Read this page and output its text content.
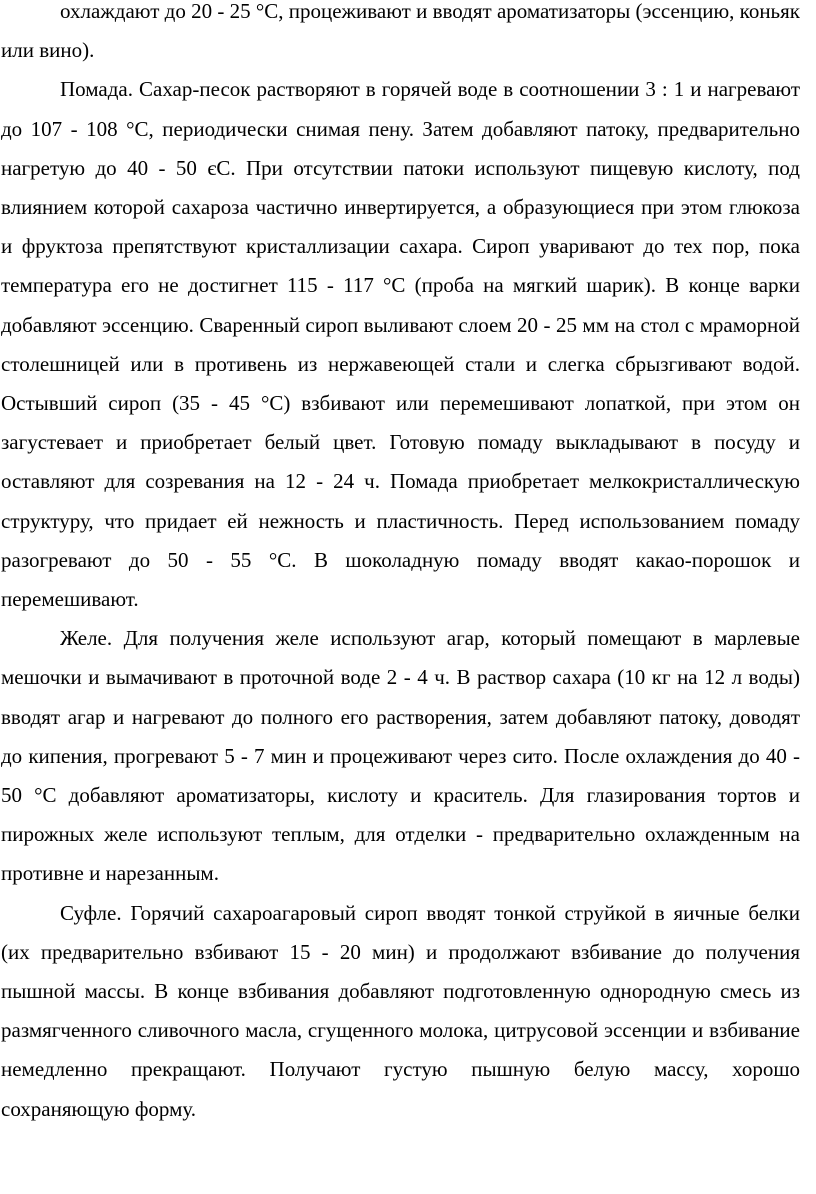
охлаждают до 20 - 25 °С, процеживают и вводят ароматизаторы (эссенцию, коньяк или вино).

Помада. Сахар-песок растворяют в горячей воде в соотношении 3 : 1 и нагревают до 107 - 108 °С, периодически снимая пену. Затем добавляют патоку, предварительно нагретую до 40 - 50 єС. При отсутствии патоки используют пищевую кислоту, под влиянием которой сахароза частично инвертируется, а образующиеся при этом глюкоза и фруктоза препятствуют кристаллизации сахара. Сироп уваривают до тех пор, пока температура его не достигнет 115 - 117 °С (проба на мягкий шарик). В конце варки добавляют эссенцию. Сваренный сироп выливают слоем 20 - 25 мм на стол с мраморной столешницей или в противень из нержавеющей стали и слегка сбрызгивают водой. Остывший сироп (35 - 45 °С) взбивают или перемешивают лопаткой, при этом он загустевает и приобретает белый цвет. Готовую помаду выкладывают в посуду и оставляют для созревания на 12 - 24 ч. Помада приобретает мелкокристаллическую структуру, что придает ей нежность и пластичность. Перед использованием помаду разогревают до 50 - 55 °С. В шоколадную помаду вводят какао-порошок и перемешивают.

Желе. Для получения желе используют агар, который помещают в марлевые мешочки и вымачивают в проточной воде 2 - 4 ч. В раствор сахара (10 кг на 12 л воды) вводят агар и нагревают до полного его растворения, затем добавляют патоку, доводят до кипения, прогревают 5 - 7 мин и процеживают через сито. После охлаждения до 40 - 50 °С добавляют ароматизаторы, кислоту и краситель. Для глазирования тортов и пирожных желе используют теплым, для отделки - предварительно охлажденным на противне и нарезанным.

Суфле. Горячий сахароагаровый сироп вводят тонкой струйкой в яичные белки (их предварительно взбивают 15 - 20 мин) и продолжают взбивание до получения пышной массы. В конце взбивания добавляют подготовленную однородную смесь из размягченного сливочного масла, сгущенного молока, цитрусовой эссенции и взбивание немедленно прекращают. Получают густую пышную белую массу, хорошо сохраняющую форму.
